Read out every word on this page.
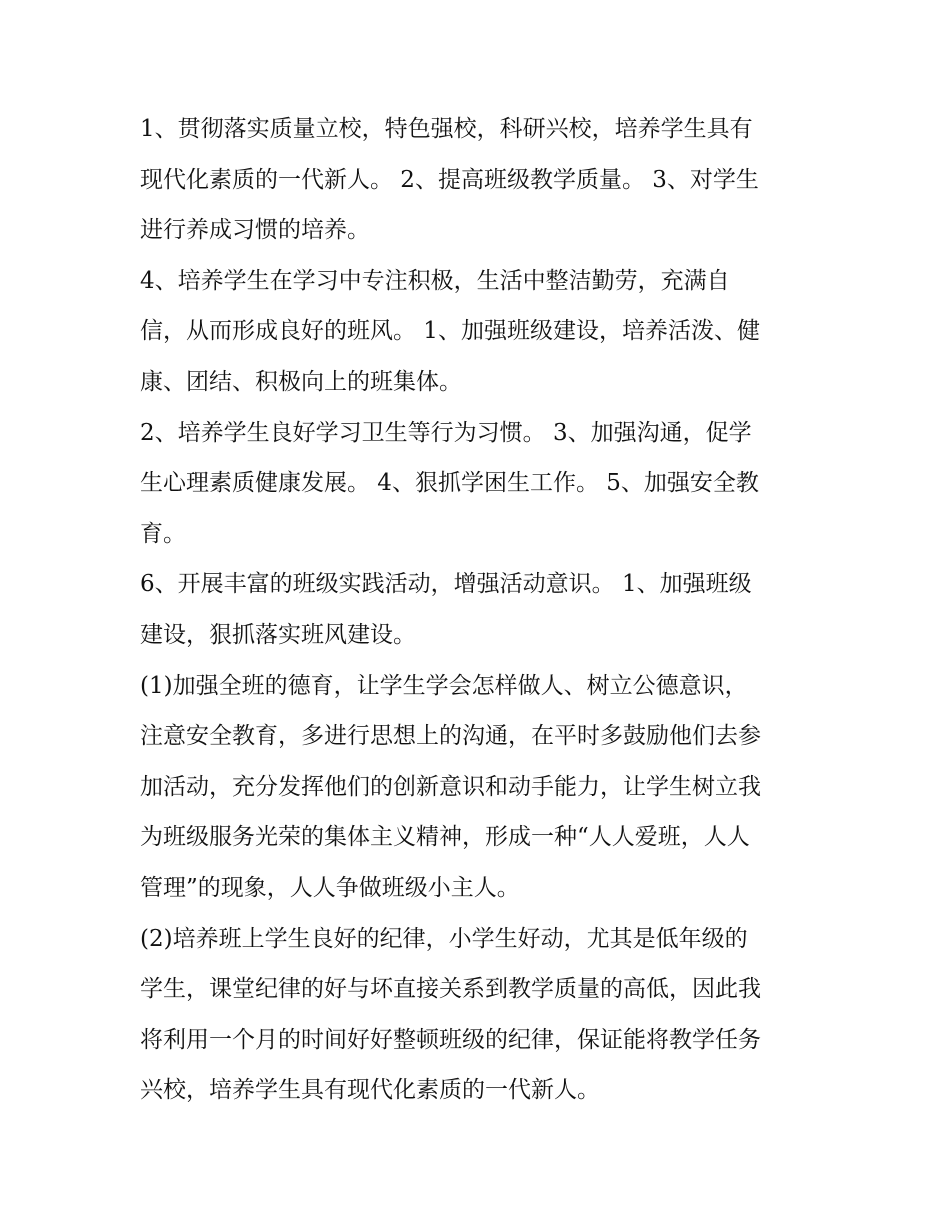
1、贯彻落实质量立校，特色强校，科研兴校，培养学生具有
现代化素质的一代新人。 2、提高班级教学质量。 3、对学生
进行养成习惯的培养。
4、培养学生在学习中专注积极，生活中整洁勤劳，充满自
信，从而形成良好的班风。 1、加强班级建设，培养活泼、健
康、团结、积极向上的班集体。
2、培养学生良好学习卫生等行为习惯。 3、加强沟通，促学
生心理素质健康发展。 4、狠抓学困生工作。 5、加强安全教
育。
6、开展丰富的班级实践活动，增强活动意识。 1、加强班级
建设，狠抓落实班风建设。
(1)加强全班的德育，让学生学会怎样做人、树立公德意识，
注意安全教育，多进行思想上的沟通，在平时多鼓励他们去参
加活动，充分发挥他们的创新意识和动手能力，让学生树立我
为班级服务光荣的集体主义精神，形成一种“人人爱班，人人
管理”的现象，人人争做班级小主人。
(2)培养班上学生良好的纪律，小学生好动，尤其是低年级的
学生，课堂纪律的好与坏直接关系到教学质量的高低，因此我
将利用一个月的时间好好整顿班级的纪律，保证能将教学任务
兴校，培养学生具有现代化素质的一代新人。
